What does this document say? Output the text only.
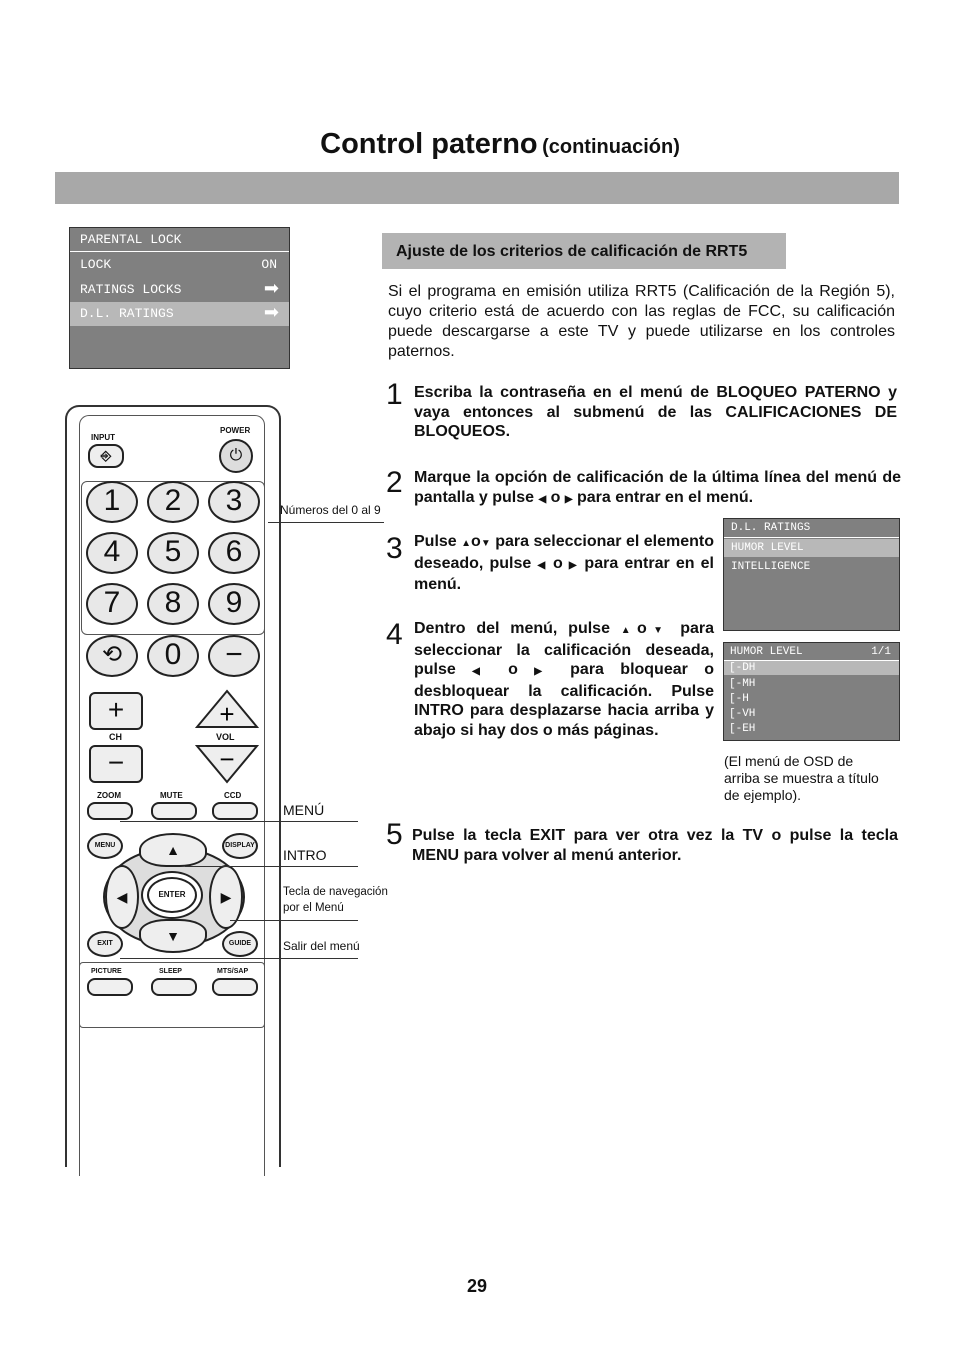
Control paterno (continuación)
PARENTAL LOCK
LOCK	ON
RATINGS LOCKS	➡
D.L. RATINGS	➡
Ajuste de los criterios de calificación de RRT5
Si el programa en emisión utiliza RRT5 (Calificación de la Región 5), cuyo criterio está de acuerdo con las reglas de FCC, su calificación puede descargarse a este TV y puede utilizarse en los controles paternos.
1 Escriba la contraseña en el menú de BLOQUEO PATERNO y vaya entonces al submenú de las CALIFICACIONES DE BLOQUEOS.
2 Marque la opción de calificación de la última línea del menú de pantalla y pulse ◀ o ▶ para entrar en el menú.
3 Pulse ▲o▼ para seleccionar el elemento deseado, pulse ◀ o ▶ para entrar en el menú.
4 Dentro del menú, pulse ▲o▼ para seleccionar la calificación deseada, pulse ◀ o ▶ para bloquear o desbloquear la calificación. Pulse INTRO para desplazarse hacia arriba y abajo si hay dos o más páginas.
D.L. RATINGS
HUMOR LEVEL
INTELLIGENCE
HUMOR LEVEL	1/1
[-DH
[-MH
[-H
[-VH
[-EH
(El menú de OSD de arriba se muestra a título de ejemplo).
5 Pulse la tecla EXIT para ver otra vez la TV o pulse la tecla MENU para volver al menú anterior.
INPUT
⎆
POWER
⏻
1	2	3
4	5	6
7	8	9
⟲	0	−
+
CH
−
+
VOL
−
ZOOM	MUTE	CCD
MENU	DISPLAY
▲
▼
◀	▶
ENTER
EXIT	GUIDE
PICTURE	SLEEP	MTS/SAP
Números del 0 al 9
MENÚ
INTRO
Tecla de navegación
por el Menú
Salir del menú
29
